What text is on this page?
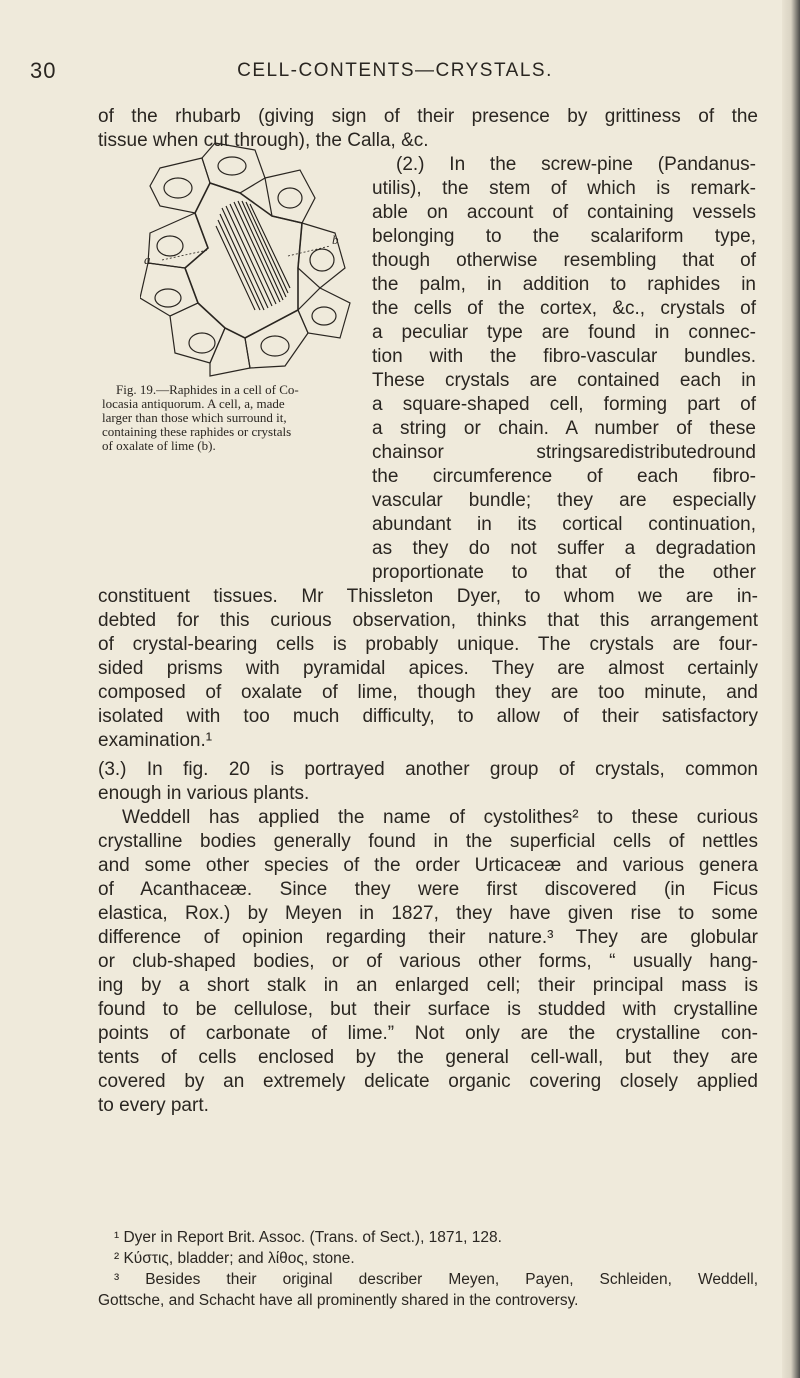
30	CELL-CONTENTS—CRYSTALS.
of the rhubarb (giving sign of their presence by grittiness of the
tissue when cut through), the Calla, &c.
a
b
(2.) In the screw-pine (Pandanus-
utilis), the stem of which is remark-
able on account of containing vessels
belonging to the scalariform type,
though otherwise resembling that of
the palm, in addition to raphides in
the cells of the cortex, &c., crystals of
a peculiar type are found in connec-
tion with the fibro-vascular bundles.
These crystals are contained each in
a square-shaped cell, forming part of
a string or chain. A number of these
chainsor stringsaredistributedround
the circumference of each fibro-
vascular bundle; they are especially
abundant in its cortical continuation,
as they do not suffer a degradation
proportionate to that of the other
Fig. 19.—Raphides in a cell of Co-
locasia antiquorum. A cell, a, made
larger than those which surround it,
containing these raphides or crystals
of oxalate of lime (b).
constituent tissues. Mr Thissleton Dyer, to whom we are in-
debted for this curious observation, thinks that this arrangement
of crystal-bearing cells is probably unique. The crystals are four-
sided prisms with pyramidal apices. They are almost certainly
composed of oxalate of lime, though they are too minute, and
isolated with too much difficulty, to allow of their satisfactory
examination.¹
(3.) In fig. 20 is portrayed another group of crystals, common
enough in various plants.
Weddell has applied the name of cystolithes² to these curious
crystalline bodies generally found in the superficial cells of nettles
and some other species of the order Urticaceæ and various genera
of Acanthaceæ. Since they were first discovered (in Ficus
elastica, Rox.) by Meyen in 1827, they have given rise to some
difference of opinion regarding their nature.³ They are globular
or club-shaped bodies, or of various other forms, “ usually hang-
ing by a short stalk in an enlarged cell; their principal mass is
found to be cellulose, but their surface is studded with crystalline
points of carbonate of lime.” Not only are the crystalline con-
tents of cells enclosed by the general cell-wall, but they are
covered by an extremely delicate organic covering closely applied
to every part.
¹ Dyer in Report Brit. Assoc. (Trans. of Sect.), 1871, 128.
² Κύστις, bladder; and λίθος, stone.
³ Besides their original describer Meyen, Payen, Schleiden, Weddell,
Gottsche, and Schacht have all prominently shared in the controversy.
